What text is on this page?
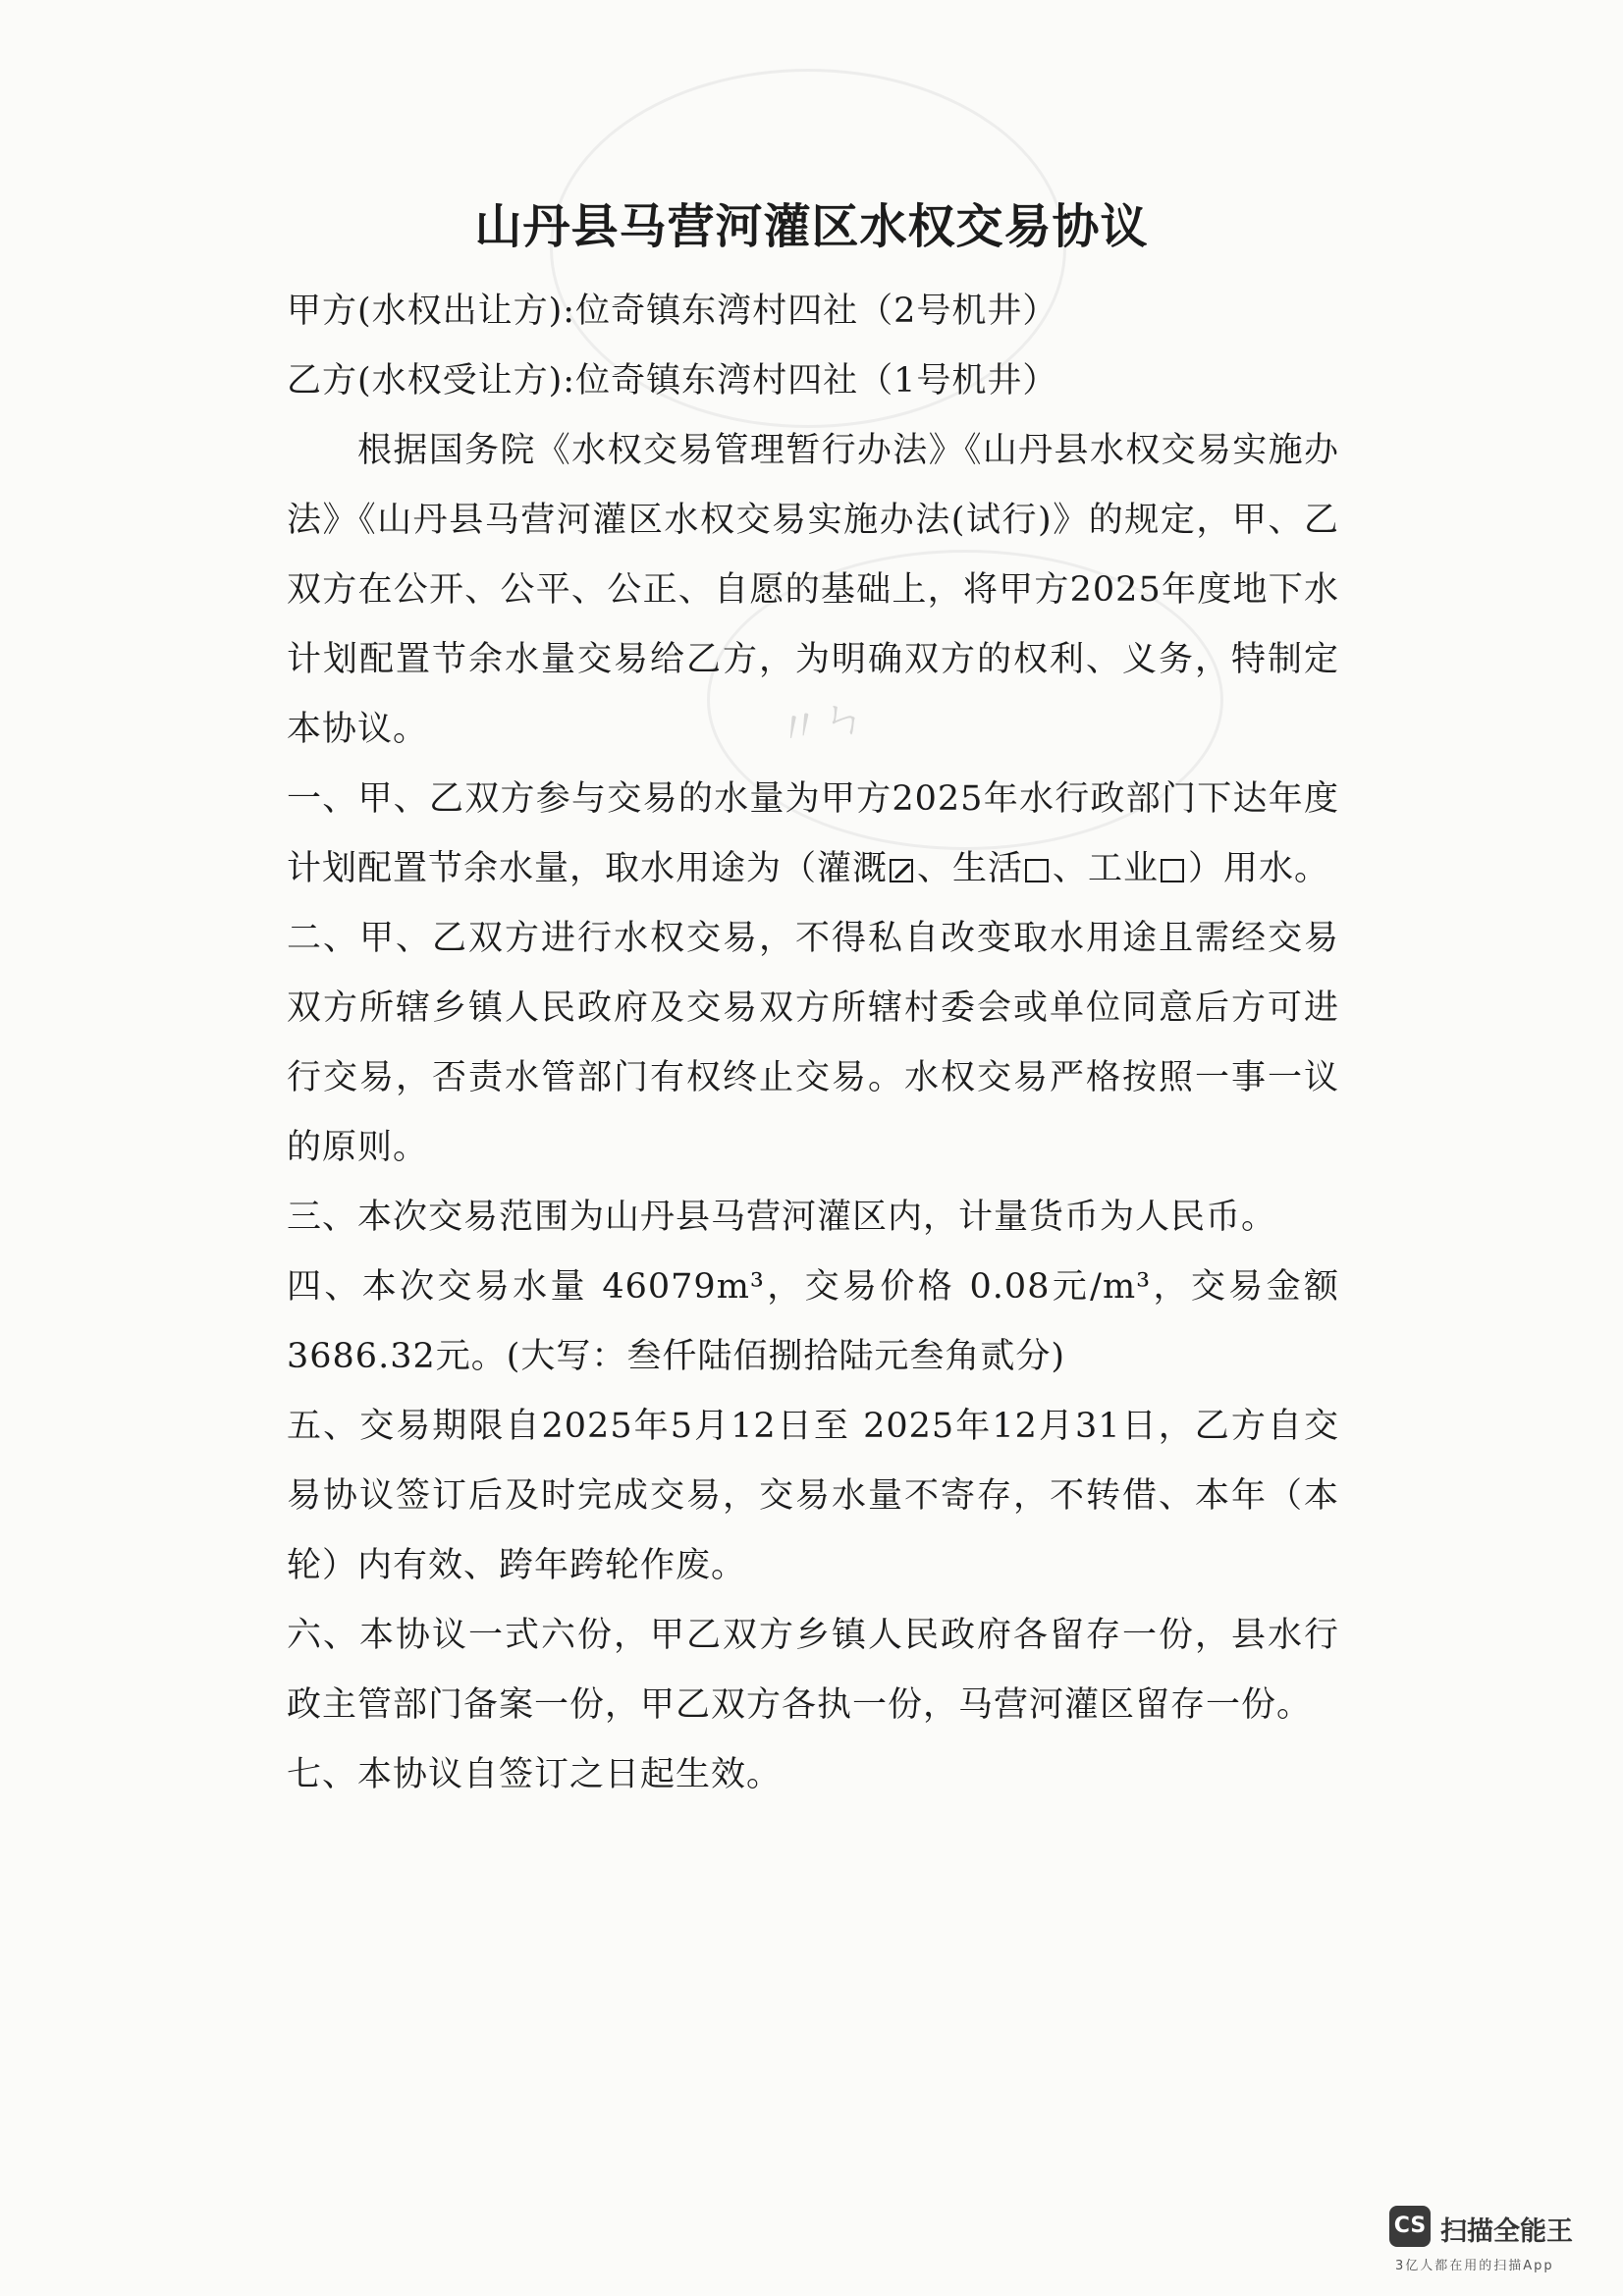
〃ㄣ
山丹县马营河灌区水权交易协议

甲方(水权出让方):位奇镇东湾村四社（2号机井）

乙方(水权受让方):位奇镇东湾村四社（1号机井）

根据国务院《水权交易管理暂行办法》《山丹县水权交易实施办法》《山丹县马营河灌区水权交易实施办法(试行)》的规定，甲、乙双方在公开、公平、公正、自愿的基础上，将甲方2025年度地下水计划配置节余水量交易给乙方，为明确双方的权利、义务，特制定本协议。

一、甲、乙双方参与交易的水量为甲方2025年水行政部门下达年度计划配置节余水量，取水用途为（灌溉 、生活 、工业 ）用水。

二、甲、乙双方进行水权交易，不得私自改变取水用途且需经交易双方所辖乡镇人民政府及交易双方所辖村委会或单位同意后方可进行交易，否责水管部门有权终止交易。水权交易严格按照一事一议的原则。

三、本次交易范围为山丹县马营河灌区内，计量货币为人民币。

四、本次交易水量 46079m³，交易价格 0.08元/m³，交易金额3686.32元。(大写：叁仟陆佰捌拾陆元叁角贰分)

五、交易期限自2025年5月12日至 2025年12月31日，乙方自交易协议签订后及时完成交易，交易水量不寄存，不转借、本年（本轮）内有效、跨年跨轮作废。

六、本协议一式六份，甲乙双方乡镇人民政府各留存一份，县水行政主管部门备案一份，甲乙双方各执一份，马营河灌区留存一份。

七、本协议自签订之日起生效。

CS 扫描全能王
3亿人都在用的扫描App
